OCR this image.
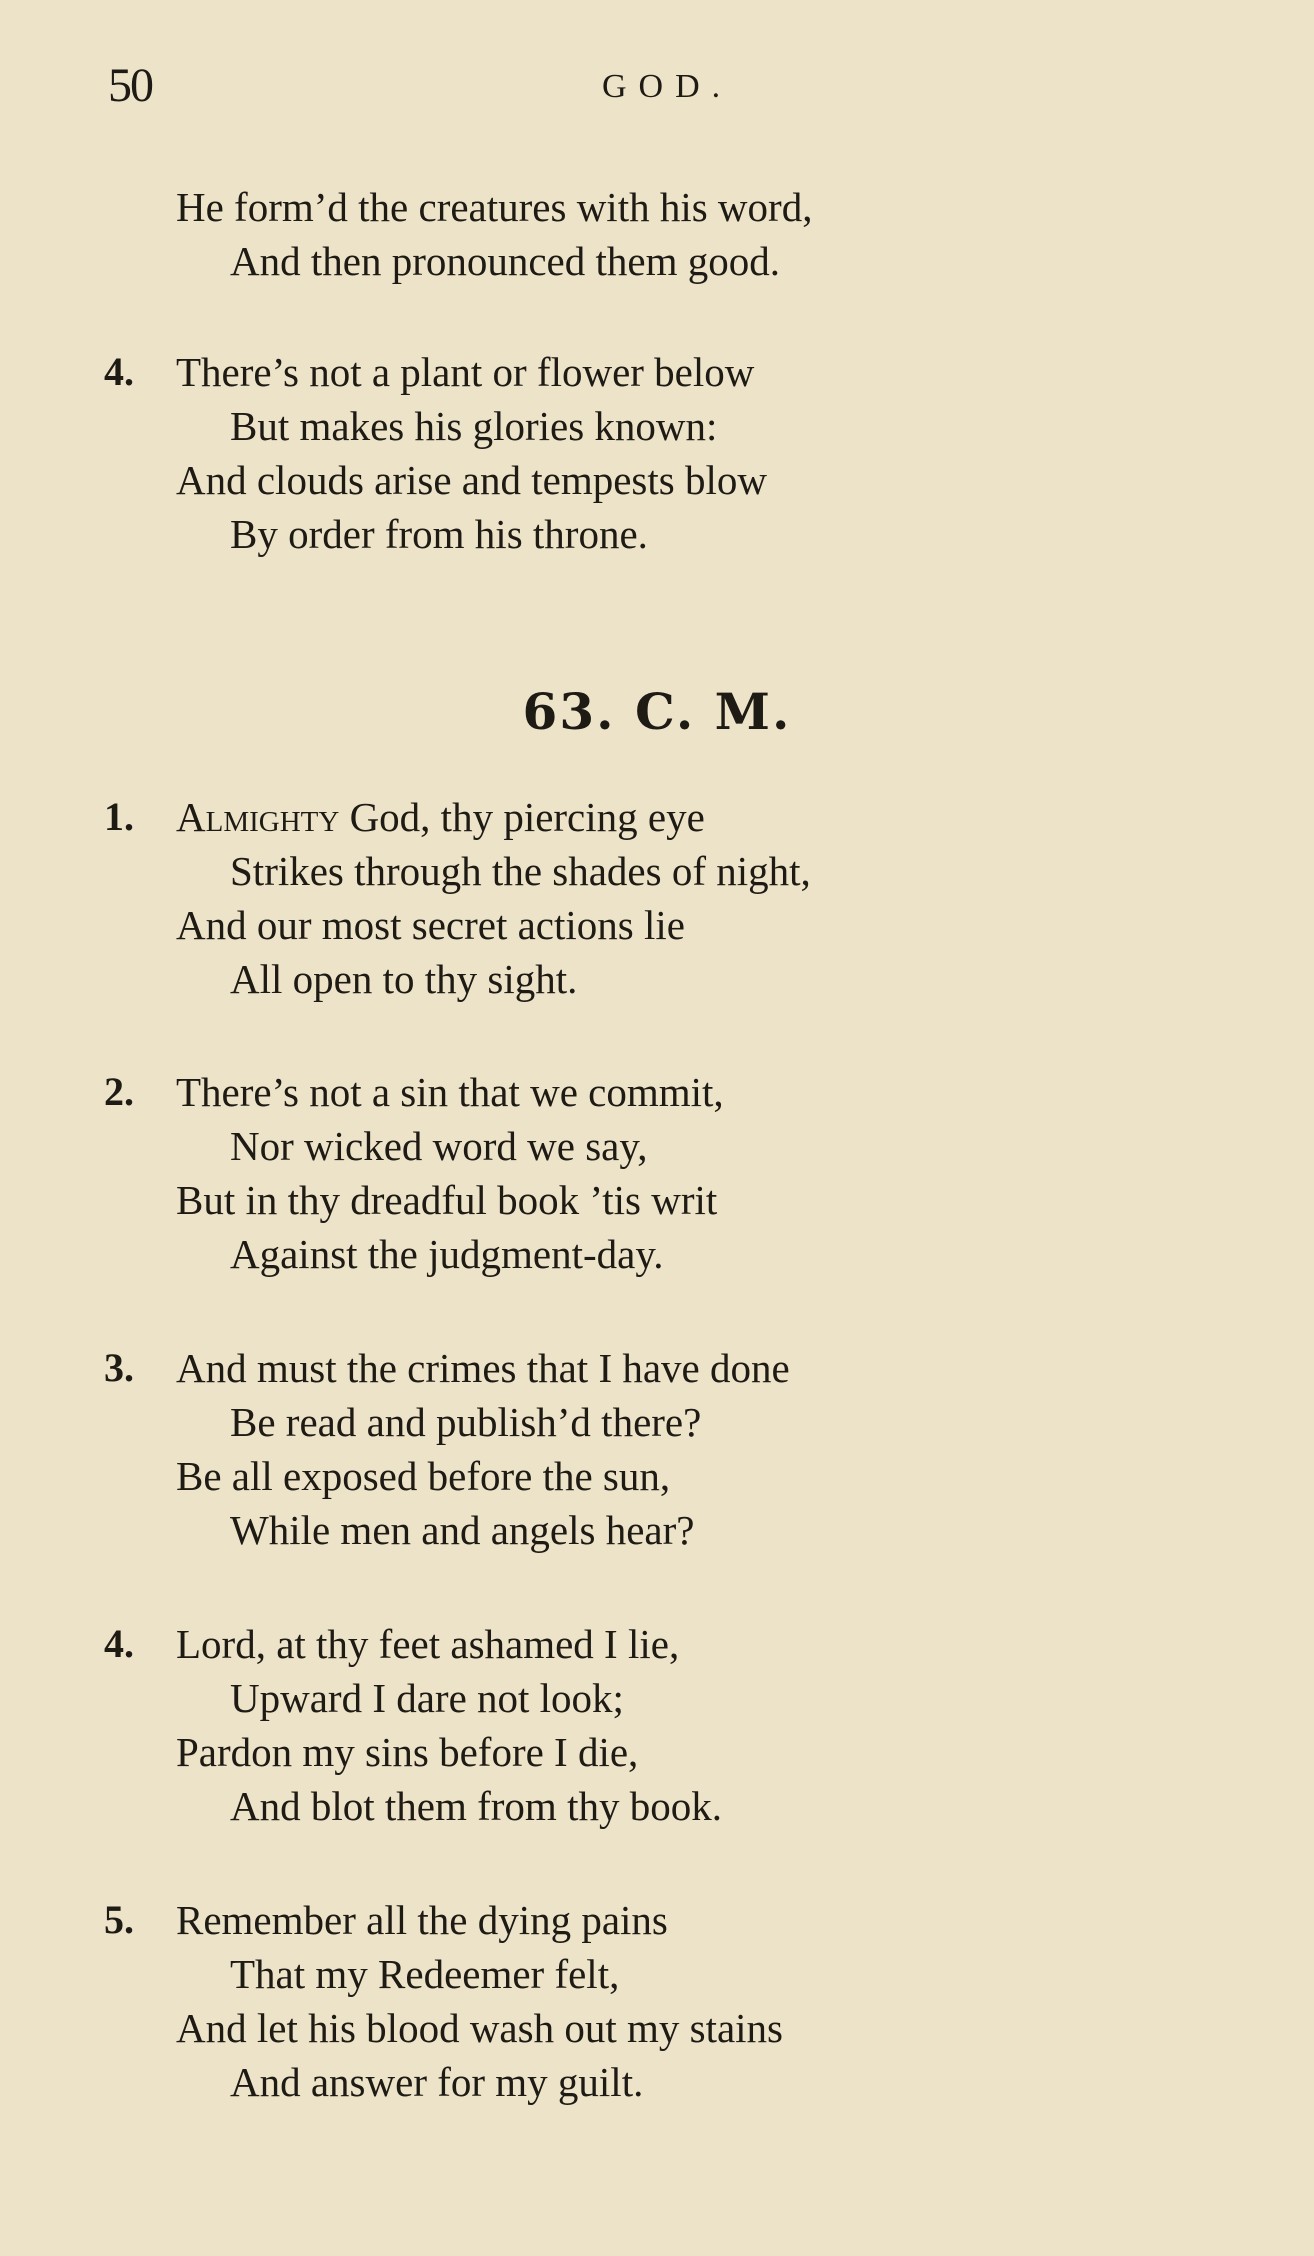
50	GOD.
He form’d the creatures with his word,
And then pronounced them good.
4. There’s not a plant or flower below
But makes his glories known:
And clouds arise and tempests blow
By order from his throne.
63. C. M.
1. Almighty God, thy piercing eye
Strikes through the shades of night,
And our most secret actions lie
All open to thy sight.
2. There’s not a sin that we commit,
Nor wicked word we say,
But in thy dreadful book ’tis writ
Against the judgment-day.
3. And must the crimes that I have done
Be read and publish’d there?
Be all exposed before the sun,
While men and angels hear?
4. Lord, at thy feet ashamed I lie,
Upward I dare not look;
Pardon my sins before I die,
And blot them from thy book.
5. Remember all the dying pains
That my Redeemer felt,
And let his blood wash out my stains
And answer for my guilt.
